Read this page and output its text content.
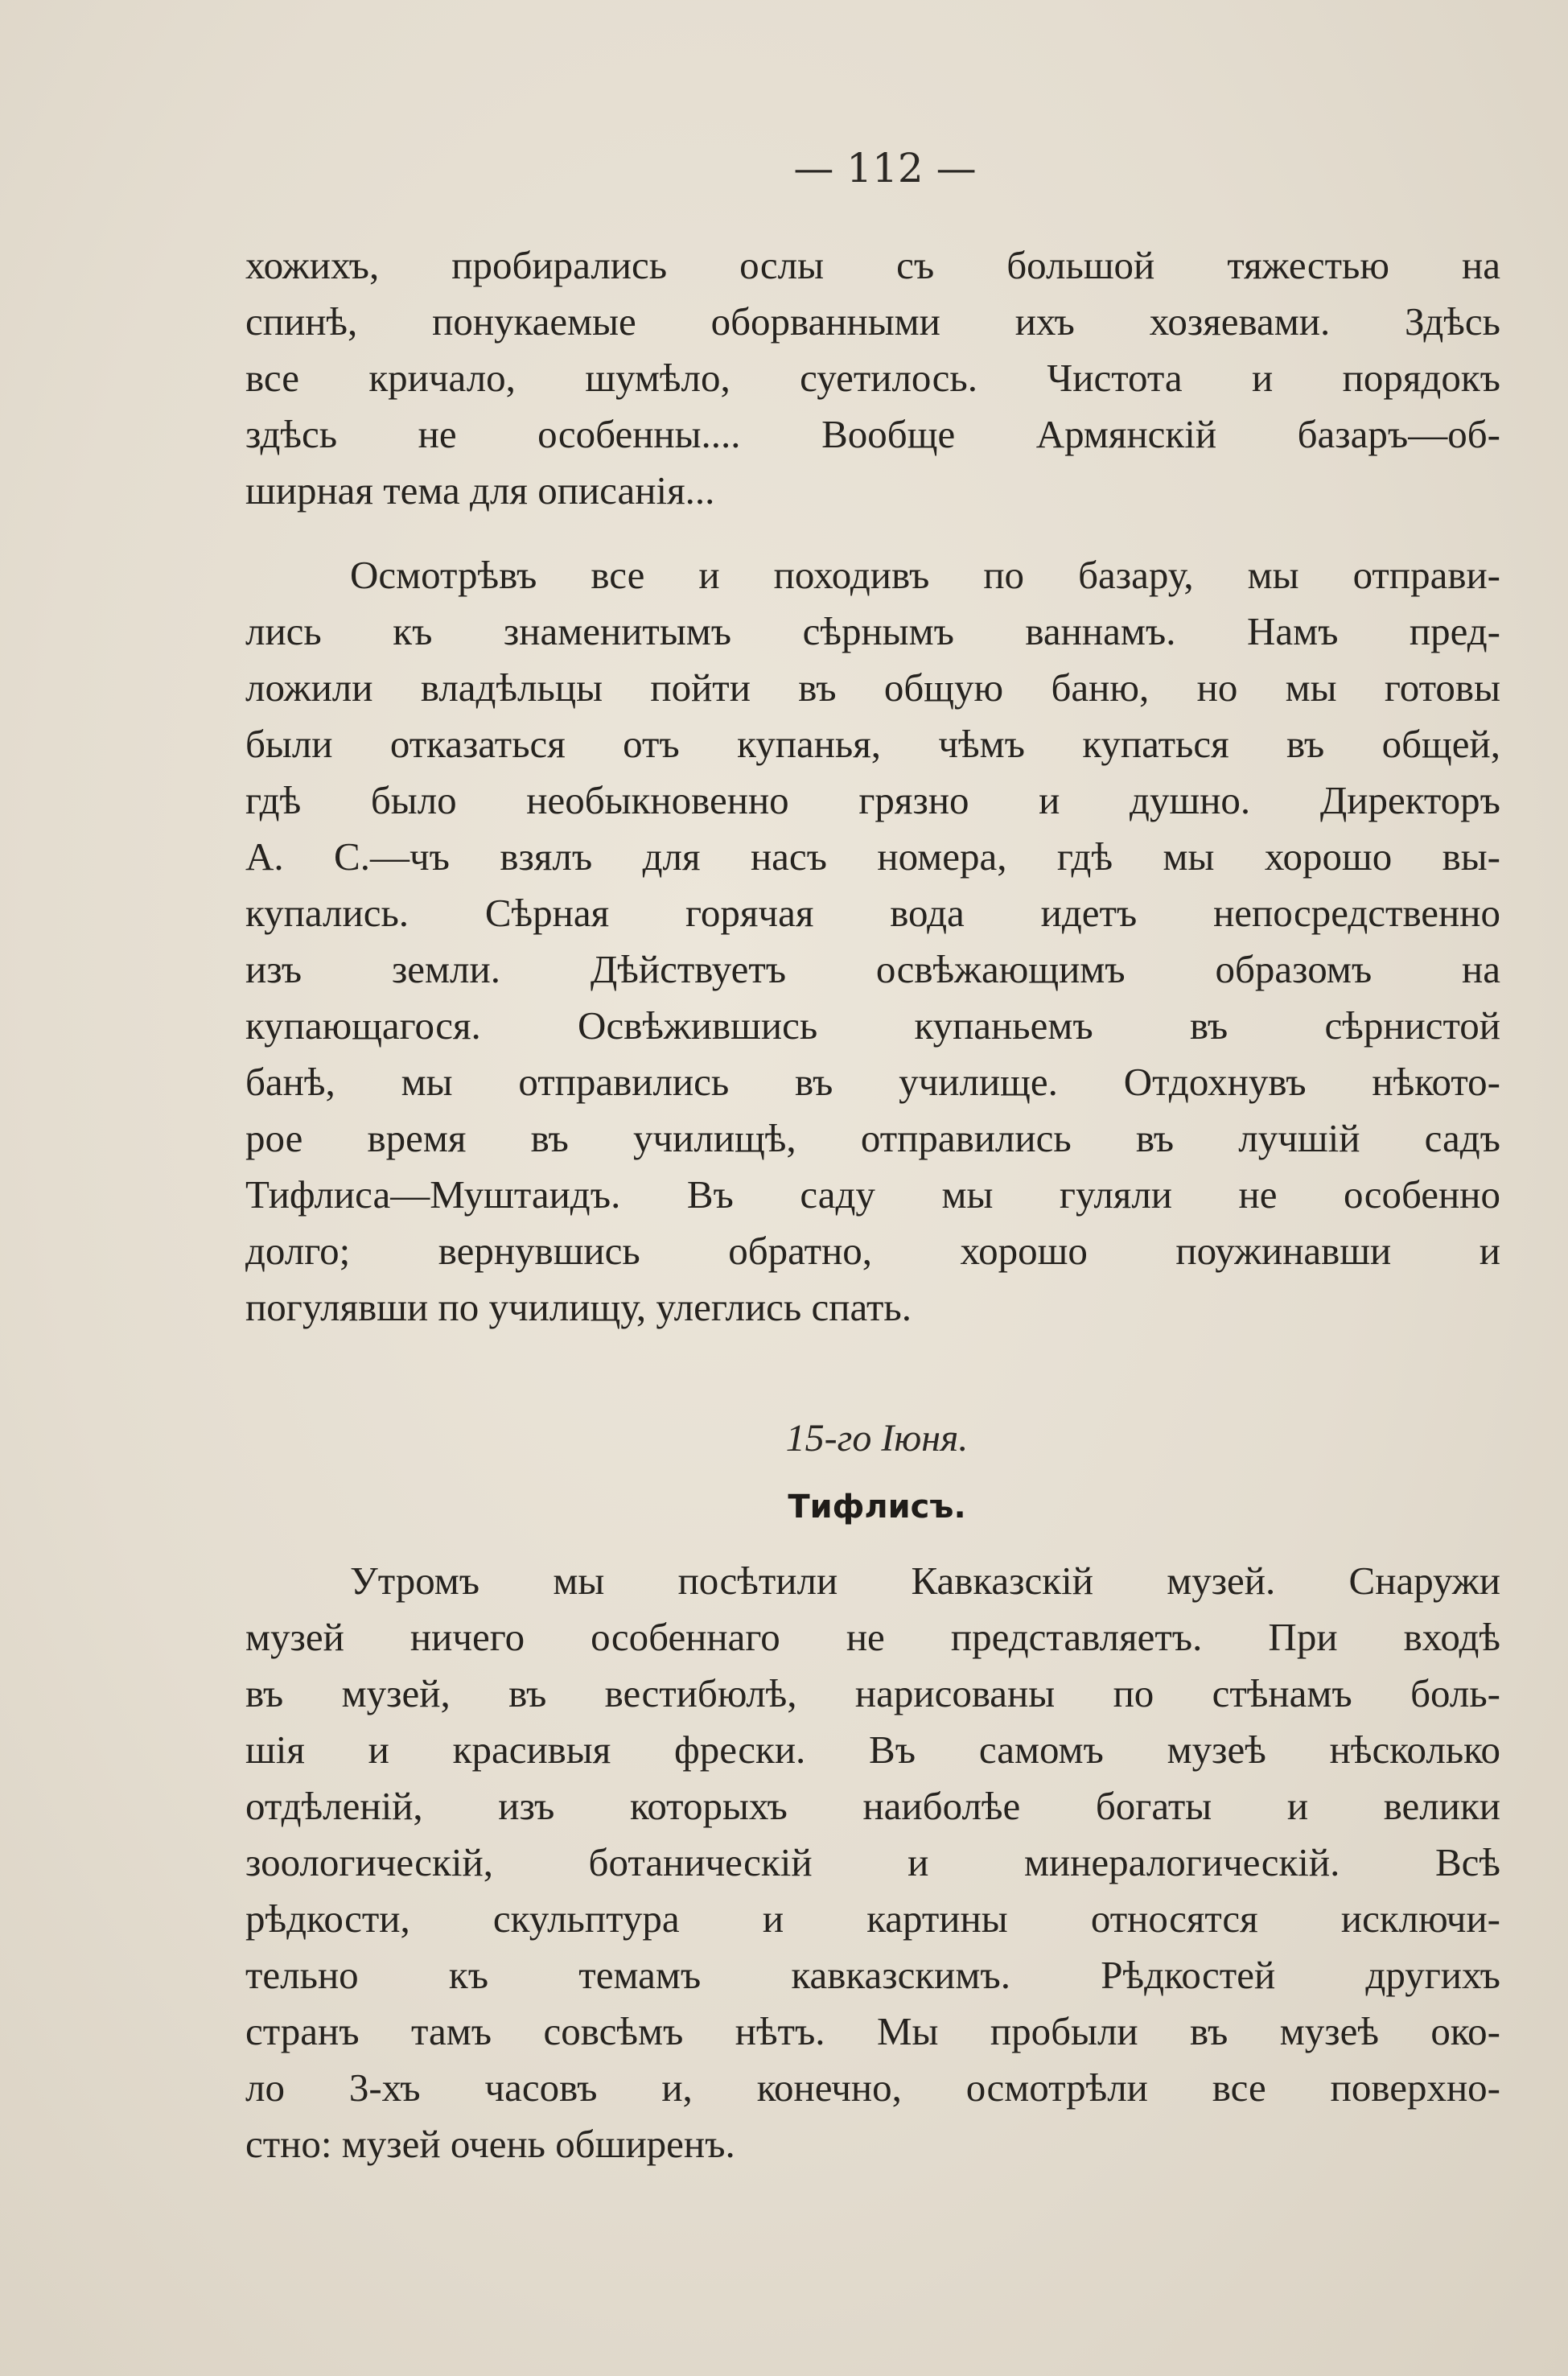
— 112 —
хожихъ, пробирались ослы съ большой тяжестью на
спинѣ, понукаемые оборванными ихъ хозяевами. Здѣсь
все кричало, шумѣло, суетилось. Чистота и порядокъ
здѣсь не особенны.... Вообще Армянскій базаръ—об-
ширная тема для описанія...
Осмотрѣвъ все и походивъ по базару, мы отправи-
лись къ знаменитымъ сѣрнымъ ваннамъ. Намъ пред-
ложили владѣльцы пойти въ общую баню, но мы готовы
были отказаться отъ купанья, чѣмъ купаться въ общей,
гдѣ было необыкновенно грязно и душно. Директоръ
А. С.—чъ взялъ для насъ номера, гдѣ мы хорошо вы-
купались. Сѣрная горячая вода идетъ непосредственно
изъ земли. Дѣйствуетъ освѣжающимъ образомъ на
купающагося. Освѣжившись купаньемъ въ сѣрнистой
банѣ, мы отправились въ училище. Отдохнувъ нѣкото-
рое время въ училищѣ, отправились въ лучшій садъ
Тифлиса—Муштаидъ. Въ саду мы гуляли не особенно
долго; вернувшись обратно, хорошо поужинавши и
погулявши по училищу, улеглись спать.
15-го Іюня.
Тифлисъ.
Утромъ мы посѣтили Кавказскій музей. Снаружи
музей ничего особеннаго не представляетъ. При входѣ
въ музей, въ вестибюлѣ, нарисованы по стѣнамъ боль-
шія и красивыя фрески. Въ самомъ музеѣ нѣсколько
отдѣленій, изъ которыхъ наиболѣе богаты и велики
зоологическій, ботаническій и минералогическій. Всѣ
рѣдкости, скульптура и картины относятся исключи-
тельно къ темамъ кавказскимъ. Рѣдкостей другихъ
странъ тамъ совсѣмъ нѣтъ. Мы пробыли въ музеѣ око-
ло 3-хъ часовъ и, конечно, осмотрѣли все поверхно-
стно: музей очень обширенъ.
